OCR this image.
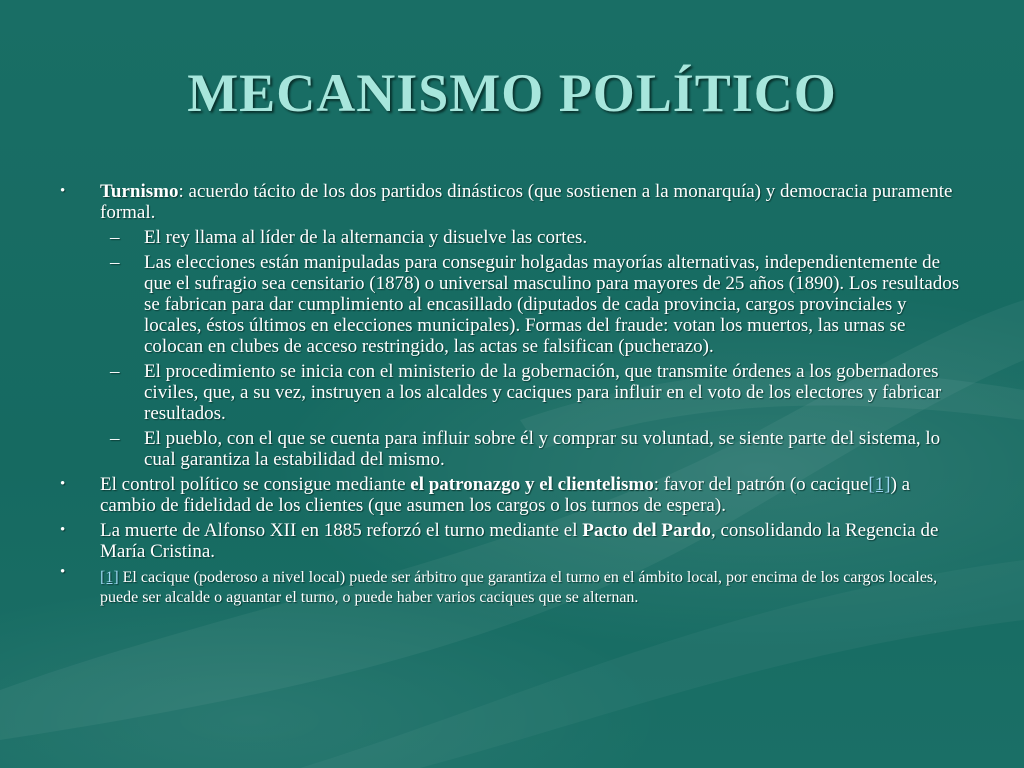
MECANISMO POLÍTICO
• Turnismo: acuerdo tácito de los dos partidos dinásticos (que sostienen a la monarquía) y democracia puramente formal.
– El rey llama al líder de la alternancia y disuelve las cortes.
– Las elecciones están manipuladas para conseguir holgadas mayorías alternativas, independientemente de que el sufragio sea censitario (1878) o universal masculino para mayores de 25 años (1890). Los resultados se fabrican para dar cumplimiento al encasillado (diputados de cada provincia, cargos provinciales y locales, éstos últimos en elecciones municipales). Formas del fraude: votan los muertos, las urnas se colocan en clubes de acceso restringido, las actas se falsifican (pucherazo).
– El procedimiento se inicia con el ministerio de la gobernación, que transmite órdenes a los gobernadores civiles, que, a su vez, instruyen a los alcaldes y caciques para influir en el voto de los electores y fabricar resultados.
– El pueblo, con el que se cuenta para influir sobre él y comprar su voluntad, se siente parte del sistema, lo cual garantiza la estabilidad del mismo.
• El control político se consigue mediante el patronazgo y el clientelismo: favor del patrón (o cacique[1]) a cambio de fidelidad de los clientes (que asumen los cargos o los turnos de espera).
• La muerte de Alfonso XII en 1885 reforzó el turno mediante el Pacto del Pardo, consolidando la Regencia de María Cristina.
• [1] El cacique (poderoso a nivel local) puede ser árbitro que garantiza el turno en el ámbito local, por encima de los cargos locales, puede ser alcalde o aguantar el turno, o puede haber varios caciques que se alternan.
